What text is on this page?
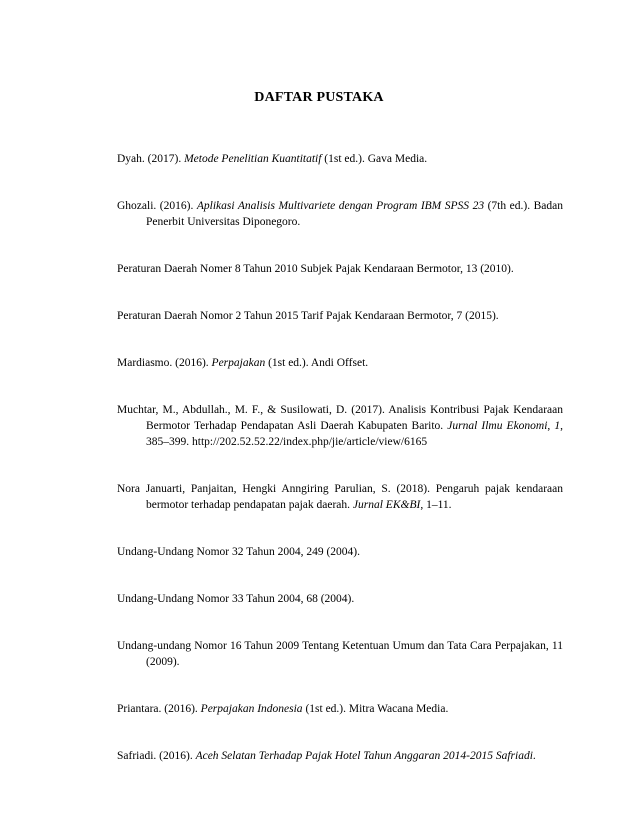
DAFTAR PUSTAKA

Dyah. (2017). Metode Penelitian Kuantitatif (1st ed.). Gava Media.

Ghozali. (2016). Aplikasi Analisis Multivariete dengan Program IBM SPSS 23 (7th ed.). Badan Penerbit Universitas Diponegoro.

Peraturan Daerah Nomer 8 Tahun 2010 Subjek Pajak Kendaraan Bermotor, 13 (2010).

Peraturan Daerah Nomor 2 Tahun 2015 Tarif Pajak Kendaraan Bermotor, 7 (2015).

Mardiasmo. (2016). Perpajakan (1st ed.). Andi Offset.

Muchtar, M., Abdullah., M. F., & Susilowati, D. (2017). Analisis Kontribusi Pajak Kendaraan Bermotor Terhadap Pendapatan Asli Daerah Kabupaten Barito. Jurnal Ilmu Ekonomi, 1, 385–399. http://202.52.52.22/index.php/jie/article/view/6165

Nora Januarti, Panjaitan, Hengki Anngiring Parulian, S. (2018). Pengaruh pajak kendaraan bermotor terhadap pendapatan pajak daerah. Jurnal EK&BI, 1–11.

Undang-Undang Nomor 32 Tahun 2004, 249 (2004).

Undang-Undang Nomor 33 Tahun 2004, 68 (2004).

Undang-undang Nomor 16 Tahun 2009 Tentang Ketentuan Umum dan Tata Cara Perpajakan, 11 (2009).

Priantara. (2016). Perpajakan Indonesia (1st ed.). Mitra Wacana Media.

Safriadi. (2016). Aceh Selatan Terhadap Pajak Hotel Tahun Anggaran 2014-2015 Safriadi.
